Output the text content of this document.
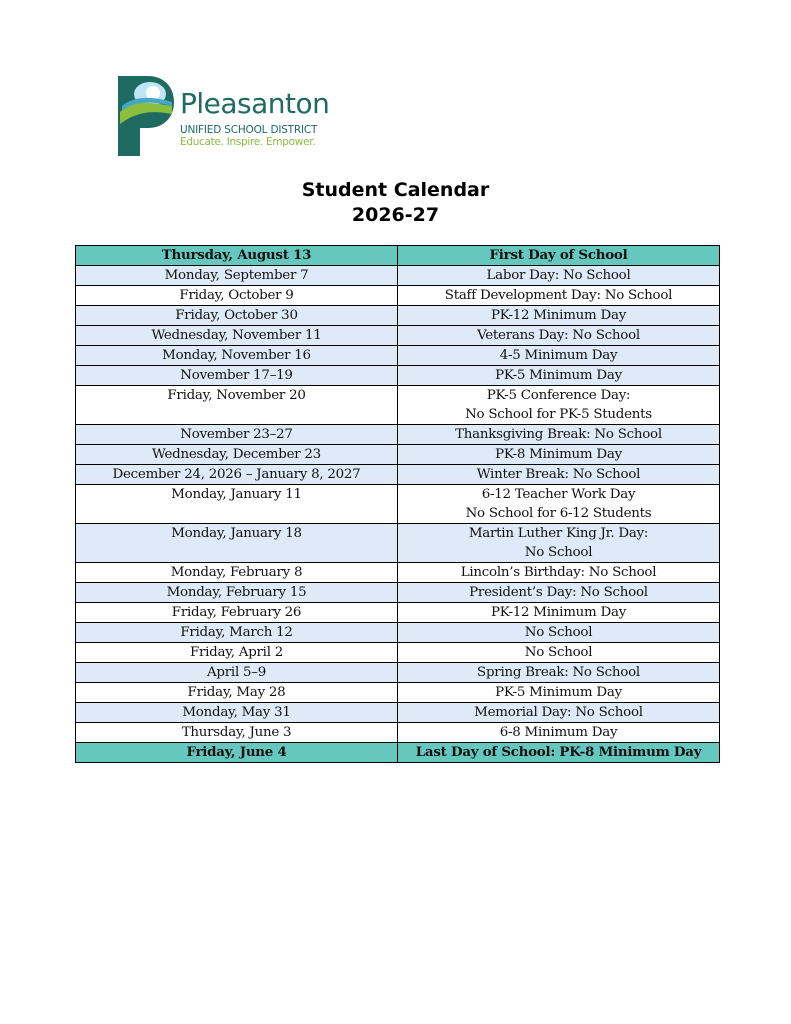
Pleasanton
UNIFIED SCHOOL DISTRICT
Educate. Inspire. Empower.
Student Calendar
2026-27
Thursday, August 13	First Day of School

Monday, September 7	Labor Day: No School

Friday, October 9	Staff Development Day: No School

Friday, October 30	PK-12 Minimum Day

Wednesday, November 11	Veterans Day: No School

Monday, November 16	4-5 Minimum Day

November 17–19	PK-5 Minimum Day

Friday, November 20	PK-5 Conference Day:
No School for PK-5 Students

November 23–27	Thanksgiving Break: No School

Wednesday, December 23	PK-8 Minimum Day

December 24, 2026 – January 8, 2027	Winter Break: No School

Monday, January 11	6-12 Teacher Work Day
No School for 6-12 Students

Monday, January 18	Martin Luther King Jr. Day:
No School

Monday, February 8	Lincoln’s Birthday: No School

Monday, February 15	President’s Day: No School

Friday, February 26	PK-12 Minimum Day

Friday, March 12	No School

Friday, April 2	No School

April 5–9	Spring Break: No School

Friday, May 28	PK-5 Minimum Day

Monday, May 31	Memorial Day: No School

Thursday, June 3	6-8 Minimum Day

Friday, June 4	Last Day of School: PK-8 Minimum Day
